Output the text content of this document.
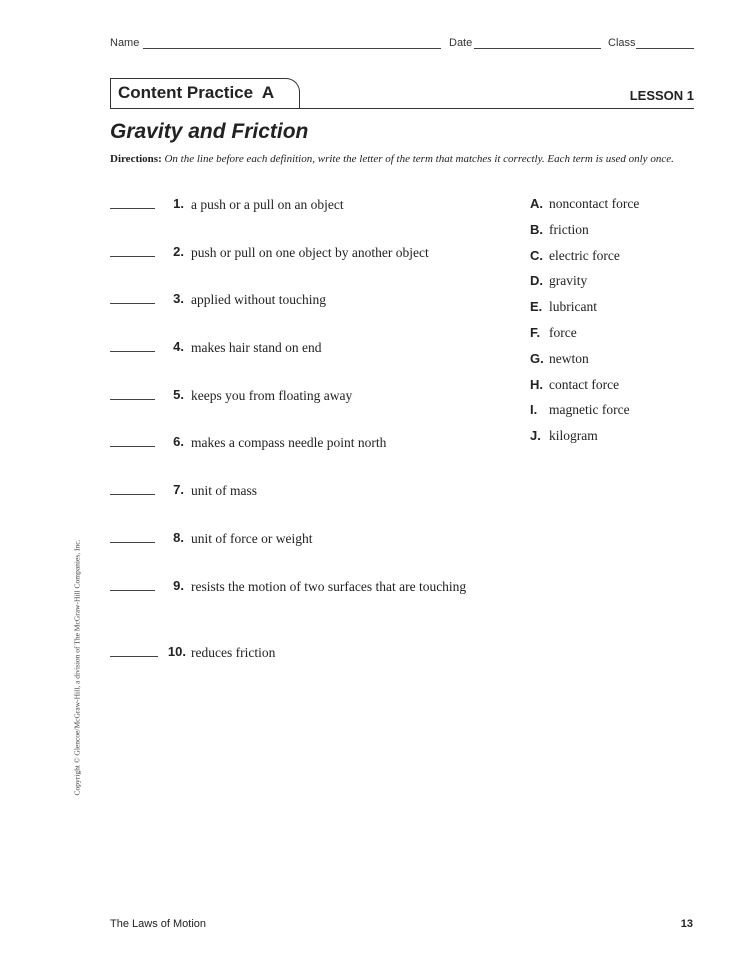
Name	Date	Class
Content Practice  A	LESSON 1
Gravity and Friction
Directions: On the line before each definition, write the letter of the term that matches it correctly. Each term is used only once.
1. a push or a pull on an object
2. push or pull on one object by another object
3. applied without touching
4. makes hair stand on end
5. keeps you from floating away
6. makes a compass needle point north
7. unit of mass
8. unit of force or weight
9. resists the motion of two surfaces that are touching
10. reduces friction
A. noncontact force
B. friction
C. electric force
D. gravity
E. lubricant
F. force
G. newton
H. contact force
I. magnetic force
J. kilogram
Copyright © Glencoe/McGraw-Hill, a division of The McGraw-Hill Companies, Inc.
The Laws of Motion	13
